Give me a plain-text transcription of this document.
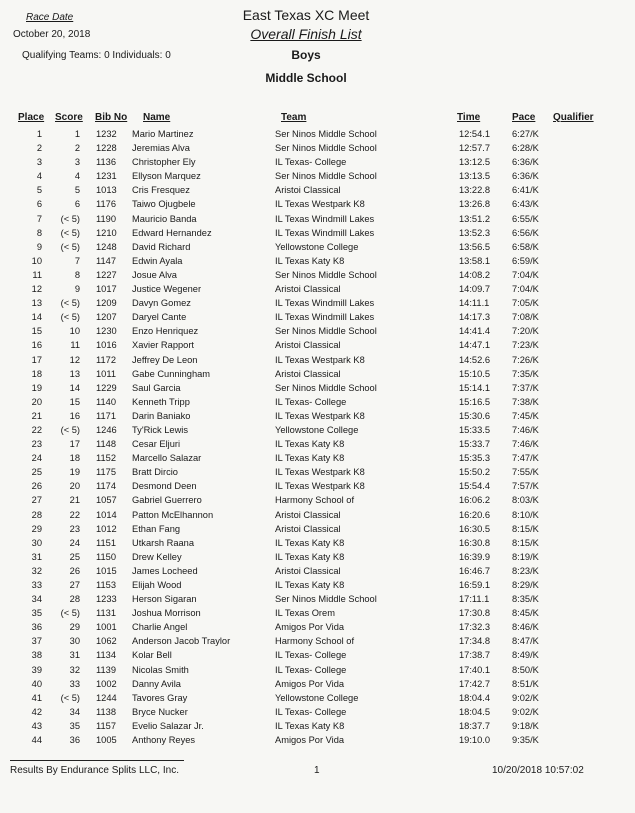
Race Date
October 20, 2018
Qualifying Teams: 0 Individuals: 0
East Texas XC Meet
Overall Finish List
Boys
Middle School
Place Score Bib No Name	Team	Time	Pace Qualifier
1	1 1232 Mario Martinez	Ser Ninos Middle School	12:54.1 6:27/K
2	2 1228 Jeremias Alva	Ser Ninos Middle School	12:57.7 6:28/K
3	3 1136 Christopher Ely	IL Texas- College	13:12.5 6:36/K
4	4 1231 Ellyson Marquez	Ser Ninos Middle School	13:13.5 6:36/K
5	5 1013 Cris Fresquez	Aristoi Classical	13:22.8 6:41/K
6	6 1176 Taiwo Ojugbele	IL Texas Westpark K8	13:26.8 6:43/K
7	(< 5) 1190 Mauricio Banda	IL Texas Windmill Lakes	13:51.2 6:55/K
8	(< 5) 1210 Edward Hernandez	IL Texas Windmill Lakes	13:52.3 6:56/K
9	(< 5) 1248 David Richard	Yellowstone College	13:56.5 6:58/K
10	7 1147 Edwin Ayala	IL Texas Katy K8	13:58.1 6:59/K
11	8 1227 Josue Alva	Ser Ninos Middle School	14:08.2 7:04/K
12	9 1017 Justice Wegener	Aristoi Classical	14:09.7 7:04/K
13	(< 5) 1209 Davyn Gomez	IL Texas Windmill Lakes	14:11.1 7:05/K
14	(< 5) 1207 Daryel Cante	IL Texas Windmill Lakes	14:17.3 7:08/K
15	10 1230 Enzo Henriquez	Ser Ninos Middle School	14:41.4 7:20/K
16	11 1016 Xavier Rapport	Aristoi Classical	14:47.1 7:23/K
17	12 1172 Jeffrey De Leon	IL Texas Westpark K8	14:52.6 7:26/K
18	13 1011 Gabe Cunningham	Aristoi Classical	15:10.5 7:35/K
19	14 1229 Saul Garcia	Ser Ninos Middle School	15:14.1 7:37/K
20	15 1140 Kenneth Tripp	IL Texas- College	15:16.5 7:38/K
21	16 1171 Darin Baniako	IL Texas Westpark K8	15:30.6 7:45/K
22	(< 5) 1246 Ty'Rick Lewis	Yellowstone College	15:33.5 7:46/K
23	17 1148 Cesar Eljuri	IL Texas Katy K8	15:33.7 7:46/K
24	18 1152 Marcello Salazar	IL Texas Katy K8	15:35.3 7:47/K
25	19 1175 Bratt Dircio	IL Texas Westpark K8	15:50.2 7:55/K
26	20 1174 Desmond Deen	IL Texas Westpark K8	15:54.4 7:57/K
27	21 1057 Gabriel Guerrero	Harmony School of	16:06.2 8:03/K
28	22 1014 Patton McElhannon	Aristoi Classical	16:20.6 8:10/K
29	23 1012 Ethan Fang	Aristoi Classical	16:30.5 8:15/K
30	24 1151 Utkarsh Raana	IL Texas Katy K8	16:30.8 8:15/K
31	25 1150 Drew Kelley	IL Texas Katy K8	16:39.9 8:19/K
32	26 1015 James Locheed	Aristoi Classical	16:46.7 8:23/K
33	27 1153 Elijah Wood	IL Texas Katy K8	16:59.1 8:29/K
34	28 1233 Herson Sigaran	Ser Ninos Middle School	17:11.1 8:35/K
35	(< 5) 1131 Joshua Morrison	IL Texas Orem	17:30.8 8:45/K
36	29 1001 Charlie Angel	Amigos Por Vida	17:32.3 8:46/K
37	30 1062 Anderson Jacob Traylor	Harmony School of	17:34.8 8:47/K
38	31 1134 Kolar Bell	IL Texas- College	17:38.7 8:49/K
39	32 1139 Nicolas Smith	IL Texas- College	17:40.1 8:50/K
40	33 1002 Danny Avila	Amigos Por Vida	17:42.7 8:51/K
41	(< 5) 1244 Tavores Gray	Yellowstone College	18:04.4 9:02/K
42	34 1138 Bryce Nucker	IL Texas- College	18:04.5 9:02/K
43	35 1157 Evelio Salazar Jr.	IL Texas Katy K8	18:37.7 9:18/K
44	36 1005 Anthony Reyes	Amigos Por Vida	19:10.0 9:35/K
Results By Endurance Splits LLC, Inc.	1	10/20/2018 10:57:02
